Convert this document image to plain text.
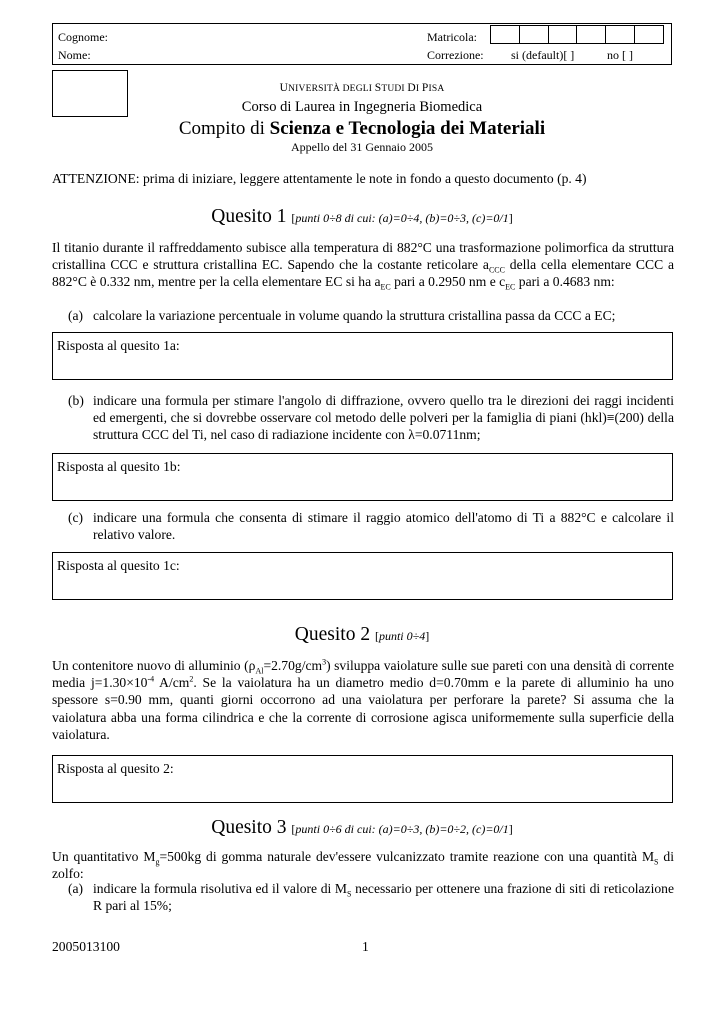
Cognome:
Nome:
Matricola:
Correzione: si (default)[ ]	no [ ]
UNIVERSITÀ DEGLI STUDI DI PISA
Corso di Laurea in Ingegneria Biomedica
Compito di Scienza e Tecnologia dei Materiali
Appello del 31 Gennaio 2005
ATTENZIONE: prima di iniziare, leggere attentamente le note in fondo a questo documento (p. 4)
Quesito 1 [punti 0÷8 di cui: (a)=0÷4, (b)=0÷3, (c)=0/1]
Il titanio durante il raffreddamento subisce alla temperatura di 882°C una trasformazione polimorfica da struttura cristallina CCC e struttura cristallina EC. Sapendo che la costante reticolare $a_{CCC}$ della cella elementare CCC a 882°C è 0.332 nm, mentre per la cella elementare EC si ha $a_{EC}$ pari a 0.2950 nm e $c_{EC}$ pari a 0.4683 nm:
(a) calcolare la variazione percentuale in volume quando la struttura cristallina passa da CCC a EC;
Risposta al quesito 1a:
(b) indicare una formula per stimare l'angolo di diffrazione, ovvero quello tra le direzioni dei raggi incidenti ed emergenti, che si dovrebbe osservare col metodo delle polveri per la famiglia di piani (hkl)≡(200) della struttura CCC del Ti, nel caso di radiazione incidente con λ=0.0711nm;
Risposta al quesito 1b:
(c) indicare una formula che consenta di stimare il raggio atomico dell'atomo di Ti a 882°C e calcolare il relativo valore.
Risposta al quesito 1c:
Quesito 2 [punti 0÷4]
Un contenitore nuovo di alluminio $(\rho_{Al}=2.70g/cm^3)$ sviluppa vaiolature sulle sue pareti con una densità di corrente media $j=1.30\times 10^{-4}$ $A/cm^2$. Se la vaiolatura ha un diametro medio d=0.70mm e la parete di alluminio ha uno spessore s=0.90 mm, quanti giorni occorrono ad una vaiolatura per perforare la parete? Si assuma che la vaiolatura abba una forma cilindrica e che la corrente di corrosione agisca uniformemente sulla superficie della vaiolatura.
Risposta al quesito 2:
Quesito 3 [punti 0÷6 di cui: (a)=0÷3, (b)=0÷2, (c)=0/1]
Un quantitativo $M_g=500kg$ di gomma naturale dev'essere vulcanizzato tramite reazione con una quantità $M_S$ di zolfo:
(a) indicare la formula risolutiva ed il valore di $M_S$ necessario per ottenere una frazione di siti di reticolazione R pari al 15%;
2005013100	1
